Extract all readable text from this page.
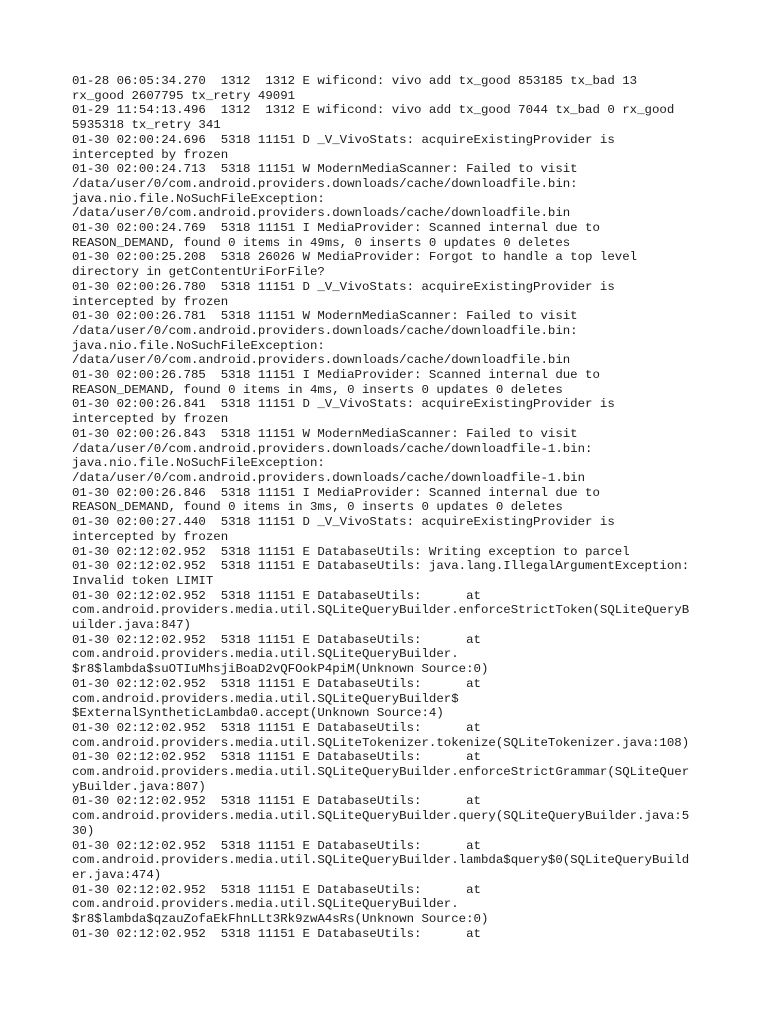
01-28 06:05:34.270  1312  1312 E wificond: vivo add tx_good 853185 tx_bad 13
rx_good 2607795 tx_retry 49091
01-29 11:54:13.496  1312  1312 E wificond: vivo add tx_good 7044 tx_bad 0 rx_good
5935318 tx_retry 341
01-30 02:00:24.696  5318 11151 D _V_VivoStats: acquireExistingProvider is
intercepted by frozen
01-30 02:00:24.713  5318 11151 W ModernMediaScanner: Failed to visit
/data/user/0/com.android.providers.downloads/cache/downloadfile.bin:
java.nio.file.NoSuchFileException:
/data/user/0/com.android.providers.downloads/cache/downloadfile.bin
01-30 02:00:24.769  5318 11151 I MediaProvider: Scanned internal due to
REASON_DEMAND, found 0 items in 49ms, 0 inserts 0 updates 0 deletes
01-30 02:00:25.208  5318 26026 W MediaProvider: Forgot to handle a top level
directory in getContentUriForFile?
01-30 02:00:26.780  5318 11151 D _V_VivoStats: acquireExistingProvider is
intercepted by frozen
01-30 02:00:26.781  5318 11151 W ModernMediaScanner: Failed to visit
/data/user/0/com.android.providers.downloads/cache/downloadfile.bin:
java.nio.file.NoSuchFileException:
/data/user/0/com.android.providers.downloads/cache/downloadfile.bin
01-30 02:00:26.785  5318 11151 I MediaProvider: Scanned internal due to
REASON_DEMAND, found 0 items in 4ms, 0 inserts 0 updates 0 deletes
01-30 02:00:26.841  5318 11151 D _V_VivoStats: acquireExistingProvider is
intercepted by frozen
01-30 02:00:26.843  5318 11151 W ModernMediaScanner: Failed to visit
/data/user/0/com.android.providers.downloads/cache/downloadfile-1.bin:
java.nio.file.NoSuchFileException:
/data/user/0/com.android.providers.downloads/cache/downloadfile-1.bin
01-30 02:00:26.846  5318 11151 I MediaProvider: Scanned internal due to
REASON_DEMAND, found 0 items in 3ms, 0 inserts 0 updates 0 deletes
01-30 02:00:27.440  5318 11151 D _V_VivoStats: acquireExistingProvider is
intercepted by frozen
01-30 02:12:02.952  5318 11151 E DatabaseUtils: Writing exception to parcel
01-30 02:12:02.952  5318 11151 E DatabaseUtils: java.lang.IllegalArgumentException:
Invalid token LIMIT
01-30 02:12:02.952  5318 11151 E DatabaseUtils:      at
com.android.providers.media.util.SQLiteQueryBuilder.enforceStrictToken(SQLiteQueryB
uilder.java:847)
01-30 02:12:02.952  5318 11151 E DatabaseUtils:      at
com.android.providers.media.util.SQLiteQueryBuilder.
$r8$lambda$suOTIuMhsjiBoaD2vQFOokP4piM(Unknown Source:0)
01-30 02:12:02.952  5318 11151 E DatabaseUtils:      at
com.android.providers.media.util.SQLiteQueryBuilder$
$ExternalSyntheticLambda0.accept(Unknown Source:4)
01-30 02:12:02.952  5318 11151 E DatabaseUtils:      at
com.android.providers.media.util.SQLiteTokenizer.tokenize(SQLiteTokenizer.java:108)
01-30 02:12:02.952  5318 11151 E DatabaseUtils:      at
com.android.providers.media.util.SQLiteQueryBuilder.enforceStrictGrammar(SQLiteQuer
yBuilder.java:807)
01-30 02:12:02.952  5318 11151 E DatabaseUtils:      at
com.android.providers.media.util.SQLiteQueryBuilder.query(SQLiteQueryBuilder.java:5
30)
01-30 02:12:02.952  5318 11151 E DatabaseUtils:      at
com.android.providers.media.util.SQLiteQueryBuilder.lambda$query$0(SQLiteQueryBuild
er.java:474)
01-30 02:12:02.952  5318 11151 E DatabaseUtils:      at
com.android.providers.media.util.SQLiteQueryBuilder.
$r8$lambda$qzauZofaEkFhnLLt3Rk9zwA4sRs(Unknown Source:0)
01-30 02:12:02.952  5318 11151 E DatabaseUtils:      at
